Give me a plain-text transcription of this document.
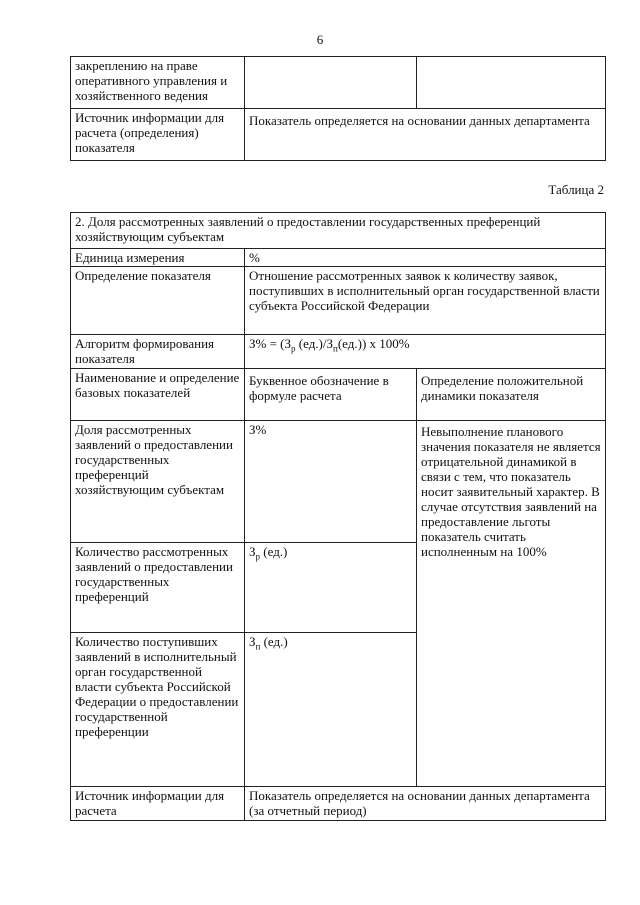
6
закреплению на праве оперативного управления и хозяйственного ведения		
Источник информации для расчета (определения) показателя	Показатель определяется на основании данных департамента	
Таблица 2
2. Доля рассмотренных заявлений о предоставлении государственных преференций хозяйствующим субъектам		
Единица измерения	%	
Определение показателя	Отношение рассмотренных заявок к количеству заявок, поступивших в исполнительный орган государственной власти субъекта Российской Федерации	
Алгоритм формирования показателя	$З\% = (З_р$ $(ед.)/З_п(ед.)$) х 100%	
Наименование и определение базовых показателей	Буквенное обозначение в формуле расчета	Определение положительной динамики показателя
Доля рассмотренных заявлений о предоставлении государственных преференций хозяйствующим субъектам	З%	Невыполнение планового значения показателя не является отрицательной динамикой в связи с тем, что показатель носит заявительный характер. В случае отсутствия заявлений на предоставление льготы показатель считать исполненным на 100%
Количество рассмотренных заявлений о предоставлении государственных преференций	$З_р$ (ед.)	
Количество поступивших заявлений в исполнительный орган государственной власти субъекта Российской Федерации о предоставлении государственной преференции	$З_п$ (ед.)	
Источник информации для расчета	Показатель определяется на основании данных департамента (за отчетный период)	
